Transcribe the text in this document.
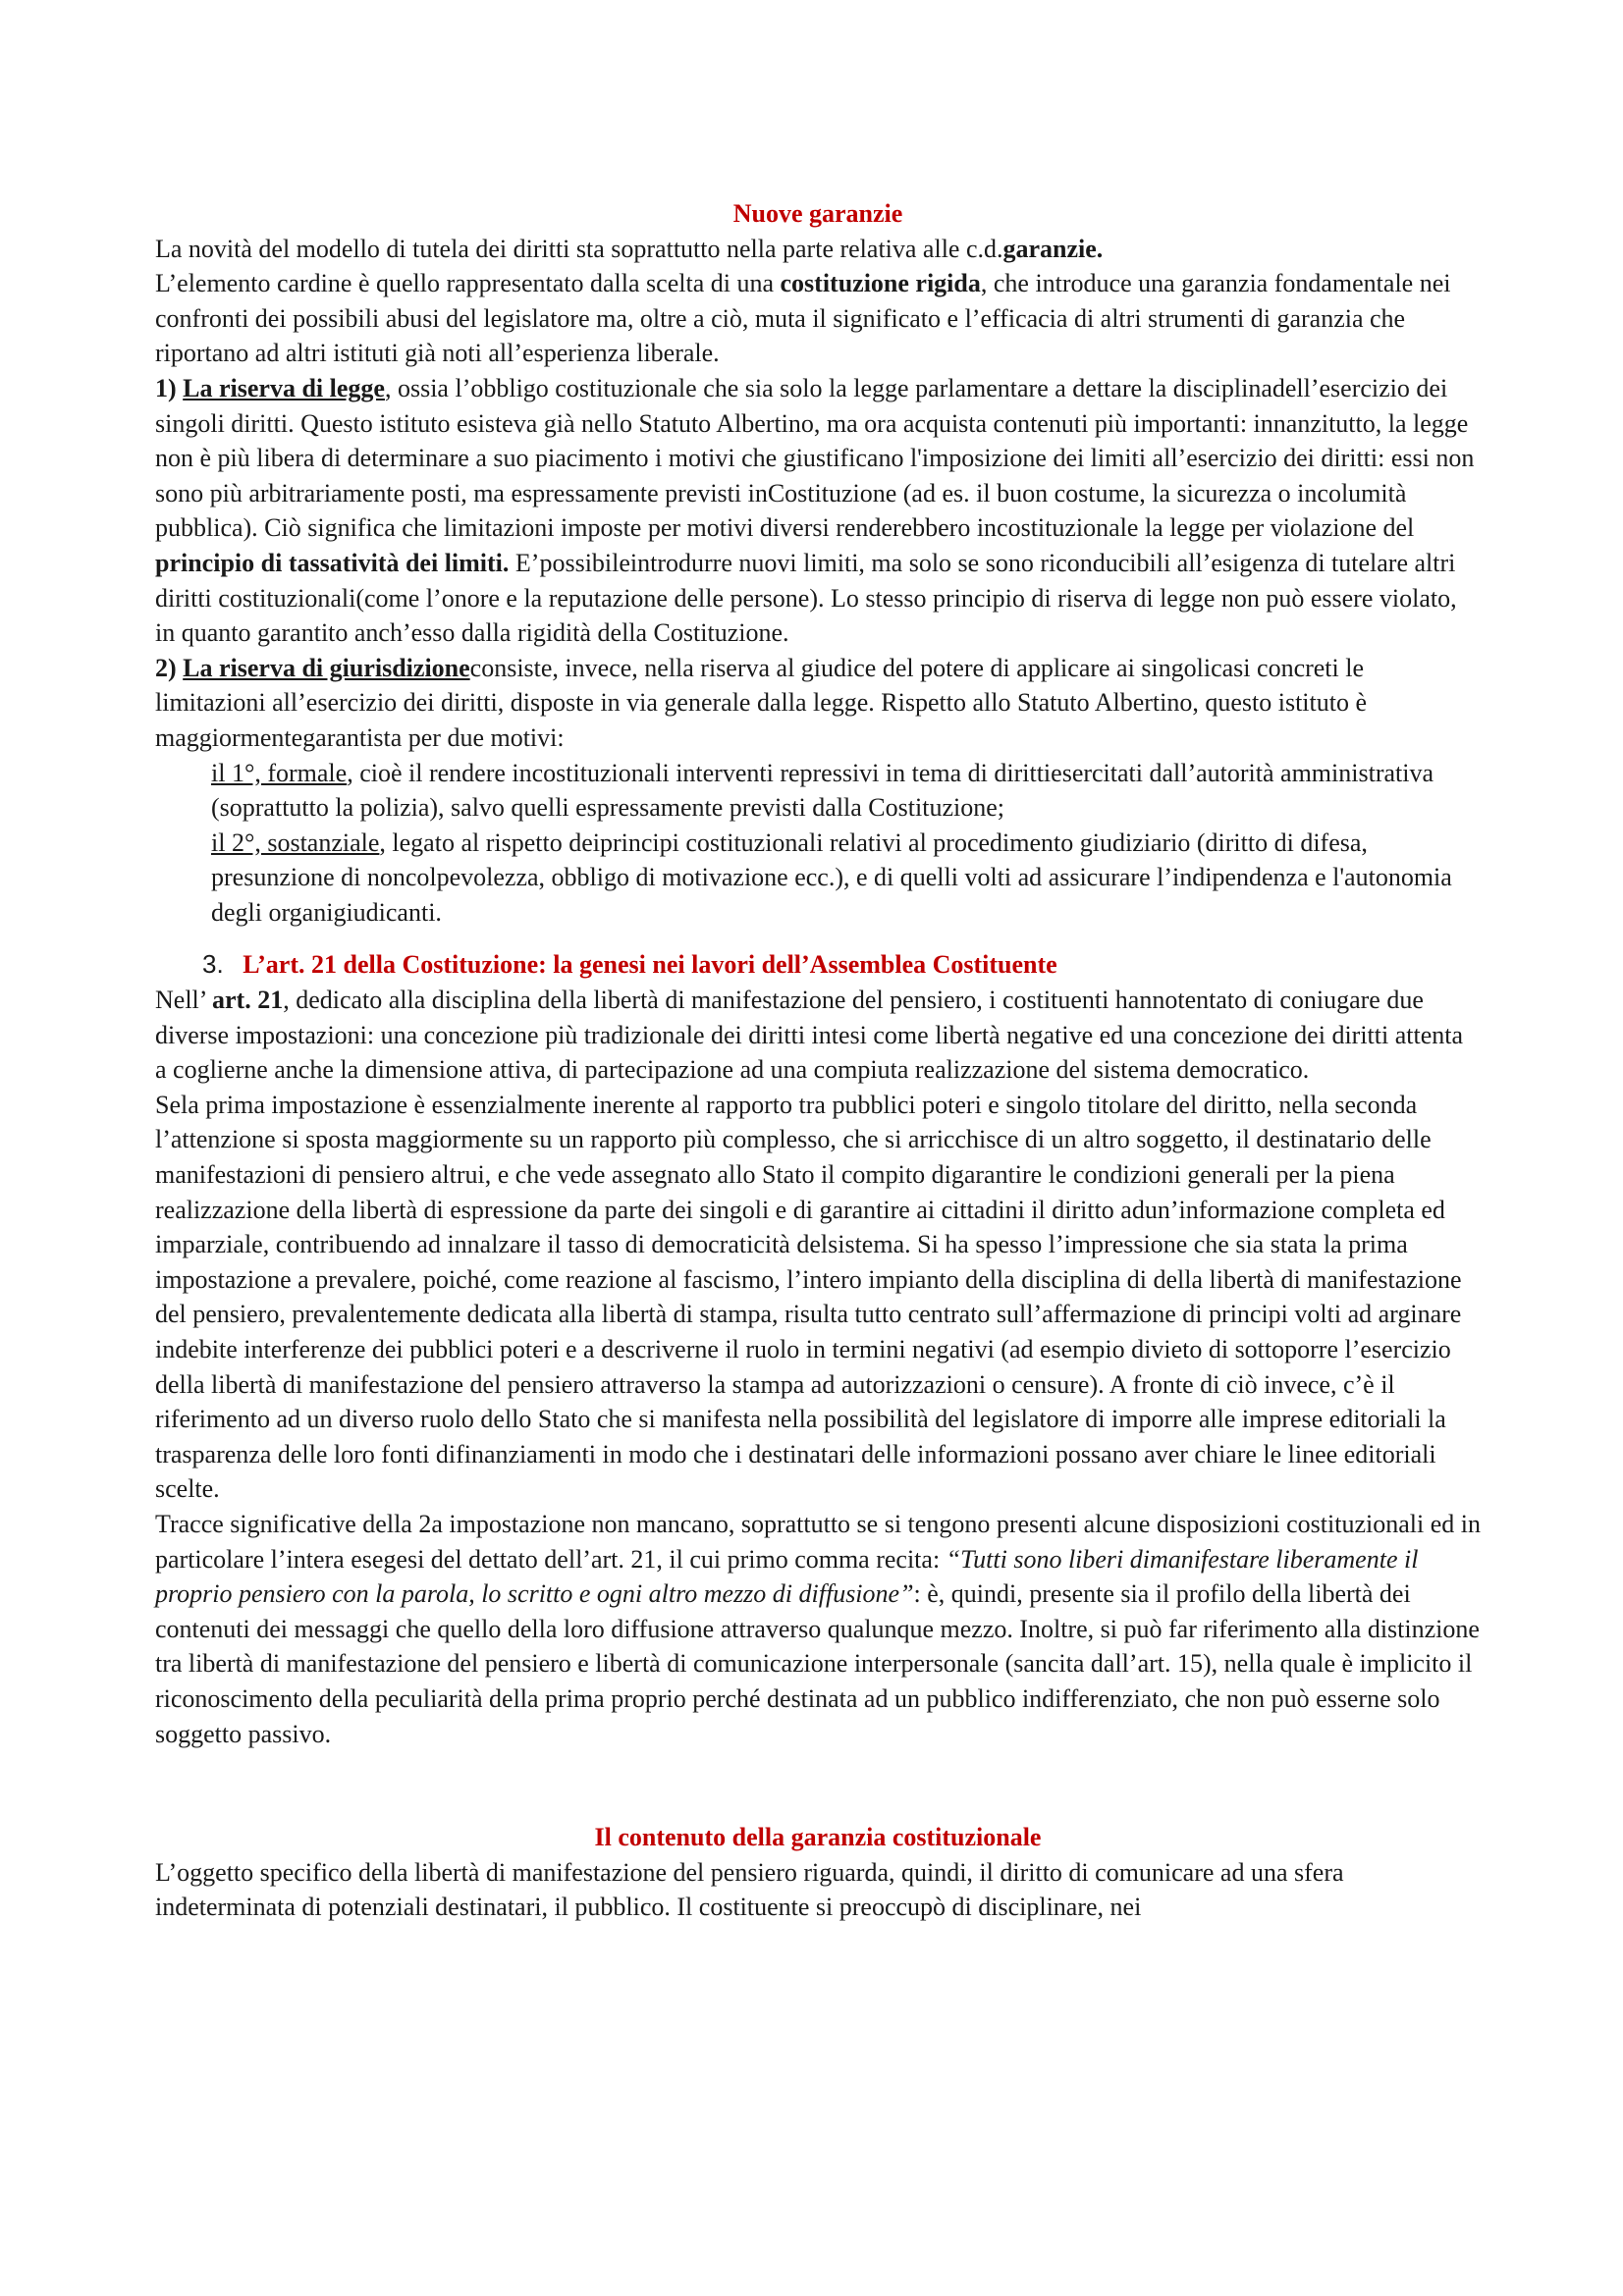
Nuove garanzie

La novità del modello di tutela dei diritti sta soprattutto nella parte relativa alle c.d.garanzie.

L’elemento cardine è quello rappresentato dalla scelta di una costituzione rigida, che introduce una garanzia fondamentale nei confronti dei possibili abusi del legislatore ma, oltre a ciò, muta il significato e l’efficacia di altri strumenti di garanzia che riportano ad altri istituti già noti all’esperienza liberale.

1) La riserva di legge, ossia l’obbligo costituzionale che sia solo la legge parlamentare a dettare la disciplinadell’esercizio dei singoli diritti. Questo istituto esisteva già nello Statuto Albertino, ma ora acquista contenuti più importanti: innanzitutto, la legge non è più libera di determinare a suo piacimento i motivi che giustificano l'imposizione dei limiti all’esercizio dei diritti: essi non sono più arbitrariamente posti, ma espressamente previsti inCostituzione (ad es. il buon costume, la sicurezza o incolumità pubblica). Ciò significa che limitazioni imposte per motivi diversi renderebbero incostituzionale la legge per violazione del principio di tassatività dei limiti. E’possibileintrodurre nuovi limiti, ma solo se sono riconducibili all’esigenza di tutelare altri diritti costituzionali(come l’onore e la reputazione delle persone). Lo stesso principio di riserva di legge non può essere violato, in quanto garantito anch’esso dalla rigidità della Costituzione.

2) La riserva di giurisdizioneconsiste, invece, nella riserva al giudice del potere di applicare ai singolicasi concreti le limitazioni all’esercizio dei diritti, disposte in via generale dalla legge. Rispetto allo Statuto Albertino, questo istituto è maggiormentegarantista per due motivi:

il 1°, formale, cioè il rendere incostituzionali interventi repressivi in tema di dirittiesercitati dall’autorità amministrativa (soprattutto la polizia), salvo quelli espressamente previsti dalla Costituzione;

il 2°, sostanziale, legato al rispetto deiprincipi costituzionali relativi al procedimento giudiziario (diritto di difesa, presunzione di noncolpevolezza, obbligo di motivazione ecc.), e di quelli volti ad assicurare l’indipendenza e l'autonomia degli organigiudicanti.

3. L’art. 21 della Costituzione: la genesi nei lavori dell’Assemblea Costituente

Nell’ art. 21, dedicato alla disciplina della libertà di manifestazione del pensiero, i costituenti hannotentato di coniugare due diverse impostazioni: una concezione più tradizionale dei diritti intesi come libertà negative ed una concezione dei diritti attenta a coglierne anche la dimensione attiva, di partecipazione ad una compiuta realizzazione del sistema democratico.

Sela prima impostazione è essenzialmente inerente al rapporto tra pubblici poteri e singolo titolare del diritto, nella seconda l’attenzione si sposta maggiormente su un rapporto più complesso, che si arricchisce di un altro soggetto, il destinatario delle manifestazioni di pensiero altrui, e che vede assegnato allo Stato il compito digarantire le condizioni generali per la piena realizzazione della libertà di espressione da parte dei singoli e di garantire ai cittadini il diritto adun’informazione completa ed imparziale, contribuendo ad innalzare il tasso di democraticità delsistema. Si ha spesso l’impressione che sia stata la prima impostazione a prevalere, poiché, come reazione al fascismo, l’intero impianto della disciplina di della libertà di manifestazione del pensiero, prevalentemente dedicata alla libertà di stampa, risulta tutto centrato sull’affermazione di principi volti ad arginare indebite interferenze dei pubblici poteri e a descriverne il ruolo in termini negativi (ad esempio divieto di sottoporre l’esercizio della libertà di manifestazione del pensiero attraverso la stampa ad autorizzazioni o censure). A fronte di ciò invece, c’è il riferimento ad un diverso ruolo dello Stato che si manifesta nella possibilità del legislatore di imporre alle imprese editoriali la trasparenza delle loro fonti difinanziamenti in modo che i destinatari delle informazioni possano aver chiare le linee editoriali scelte.

Tracce significative della 2a impostazione non mancano, soprattutto se si tengono presenti alcune disposizioni costituzionali ed in particolare l’intera esegesi del dettato dell’art. 21, il cui primo comma recita: “Tutti sono liberi dimanifestare liberamente il proprio pensiero con la parola, lo scritto e ogni altro mezzo di diffusione”: è, quindi, presente sia il profilo della libertà dei contenuti dei messaggi che quello della loro diffusione attraverso qualunque mezzo. Inoltre, si può far riferimento alla distinzione tra libertà di manifestazione del pensiero e libertà di comunicazione interpersonale (sancita dall’art. 15), nella quale è implicito il riconoscimento della peculiarità della prima proprio perché destinata ad un pubblico indifferenziato, che non può esserne solo soggetto passivo.

Il contenuto della garanzia costituzionale

L’oggetto specifico della libertà di manifestazione del pensiero riguarda, quindi, il diritto di comunicare ad una sfera indeterminata di potenziali destinatari, il pubblico. Il costituente si preoccupò di disciplinare, nei
